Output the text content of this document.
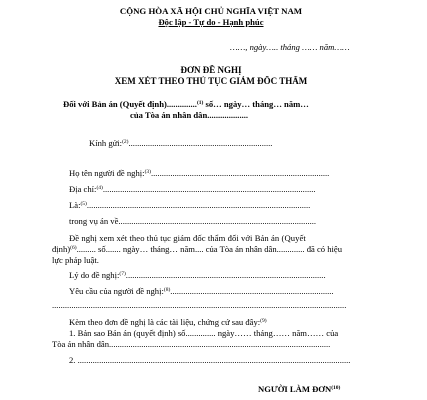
CỘNG HÒA XÃ HỘI CHỦ NGHĨA VIỆT NAM
Độc lập - Tự do - Hạnh phúc
……, ngày….. tháng …… năm……
ĐƠN ĐỀ NGHỊ
XEM XÉT THEO THỦ TỤC GIÁM ĐỐC THẨM
Đối với Bản án (Quyết định)..............$^{(1)}$ số… ngày… tháng… năm…
của Tòa án nhân dân...................
Kính gửi:$^{(2)}$...................................................................
Họ tên người đề nghị:$^{(3)}$...................................................................................
Địa chỉ:$^{(4)}$...................................................................................................
Là:$^{(5)}$........................................................................................................
trong vụ án về............................................................................................
Đề nghị xem xét theo thủ tục giám đốc thẩm đối với Bản án (Quyết
định)$^{(6)}$......... số....... ngày… tháng… năm.... của Tòa án nhân dân............. đã có hiệu
lực pháp luật.
Lý do đề nghị:$^{(7)}$.............................................................................................
Yêu cầu của người đề nghị:$^{(8)}$............................................................................
.........................................................................................................................................
Kèm theo đơn đề nghị là các tài liệu, chứng cứ sau đây:$^{(9)}$
1. Bản sao Bản án (quyết định) số.............. ngày…… tháng…… năm…… của
Tòa án nhân dân.......................................................................................................
2. ...............................................................................................................................
NGƯỜI LÀM ĐƠN$^{(10)}$
